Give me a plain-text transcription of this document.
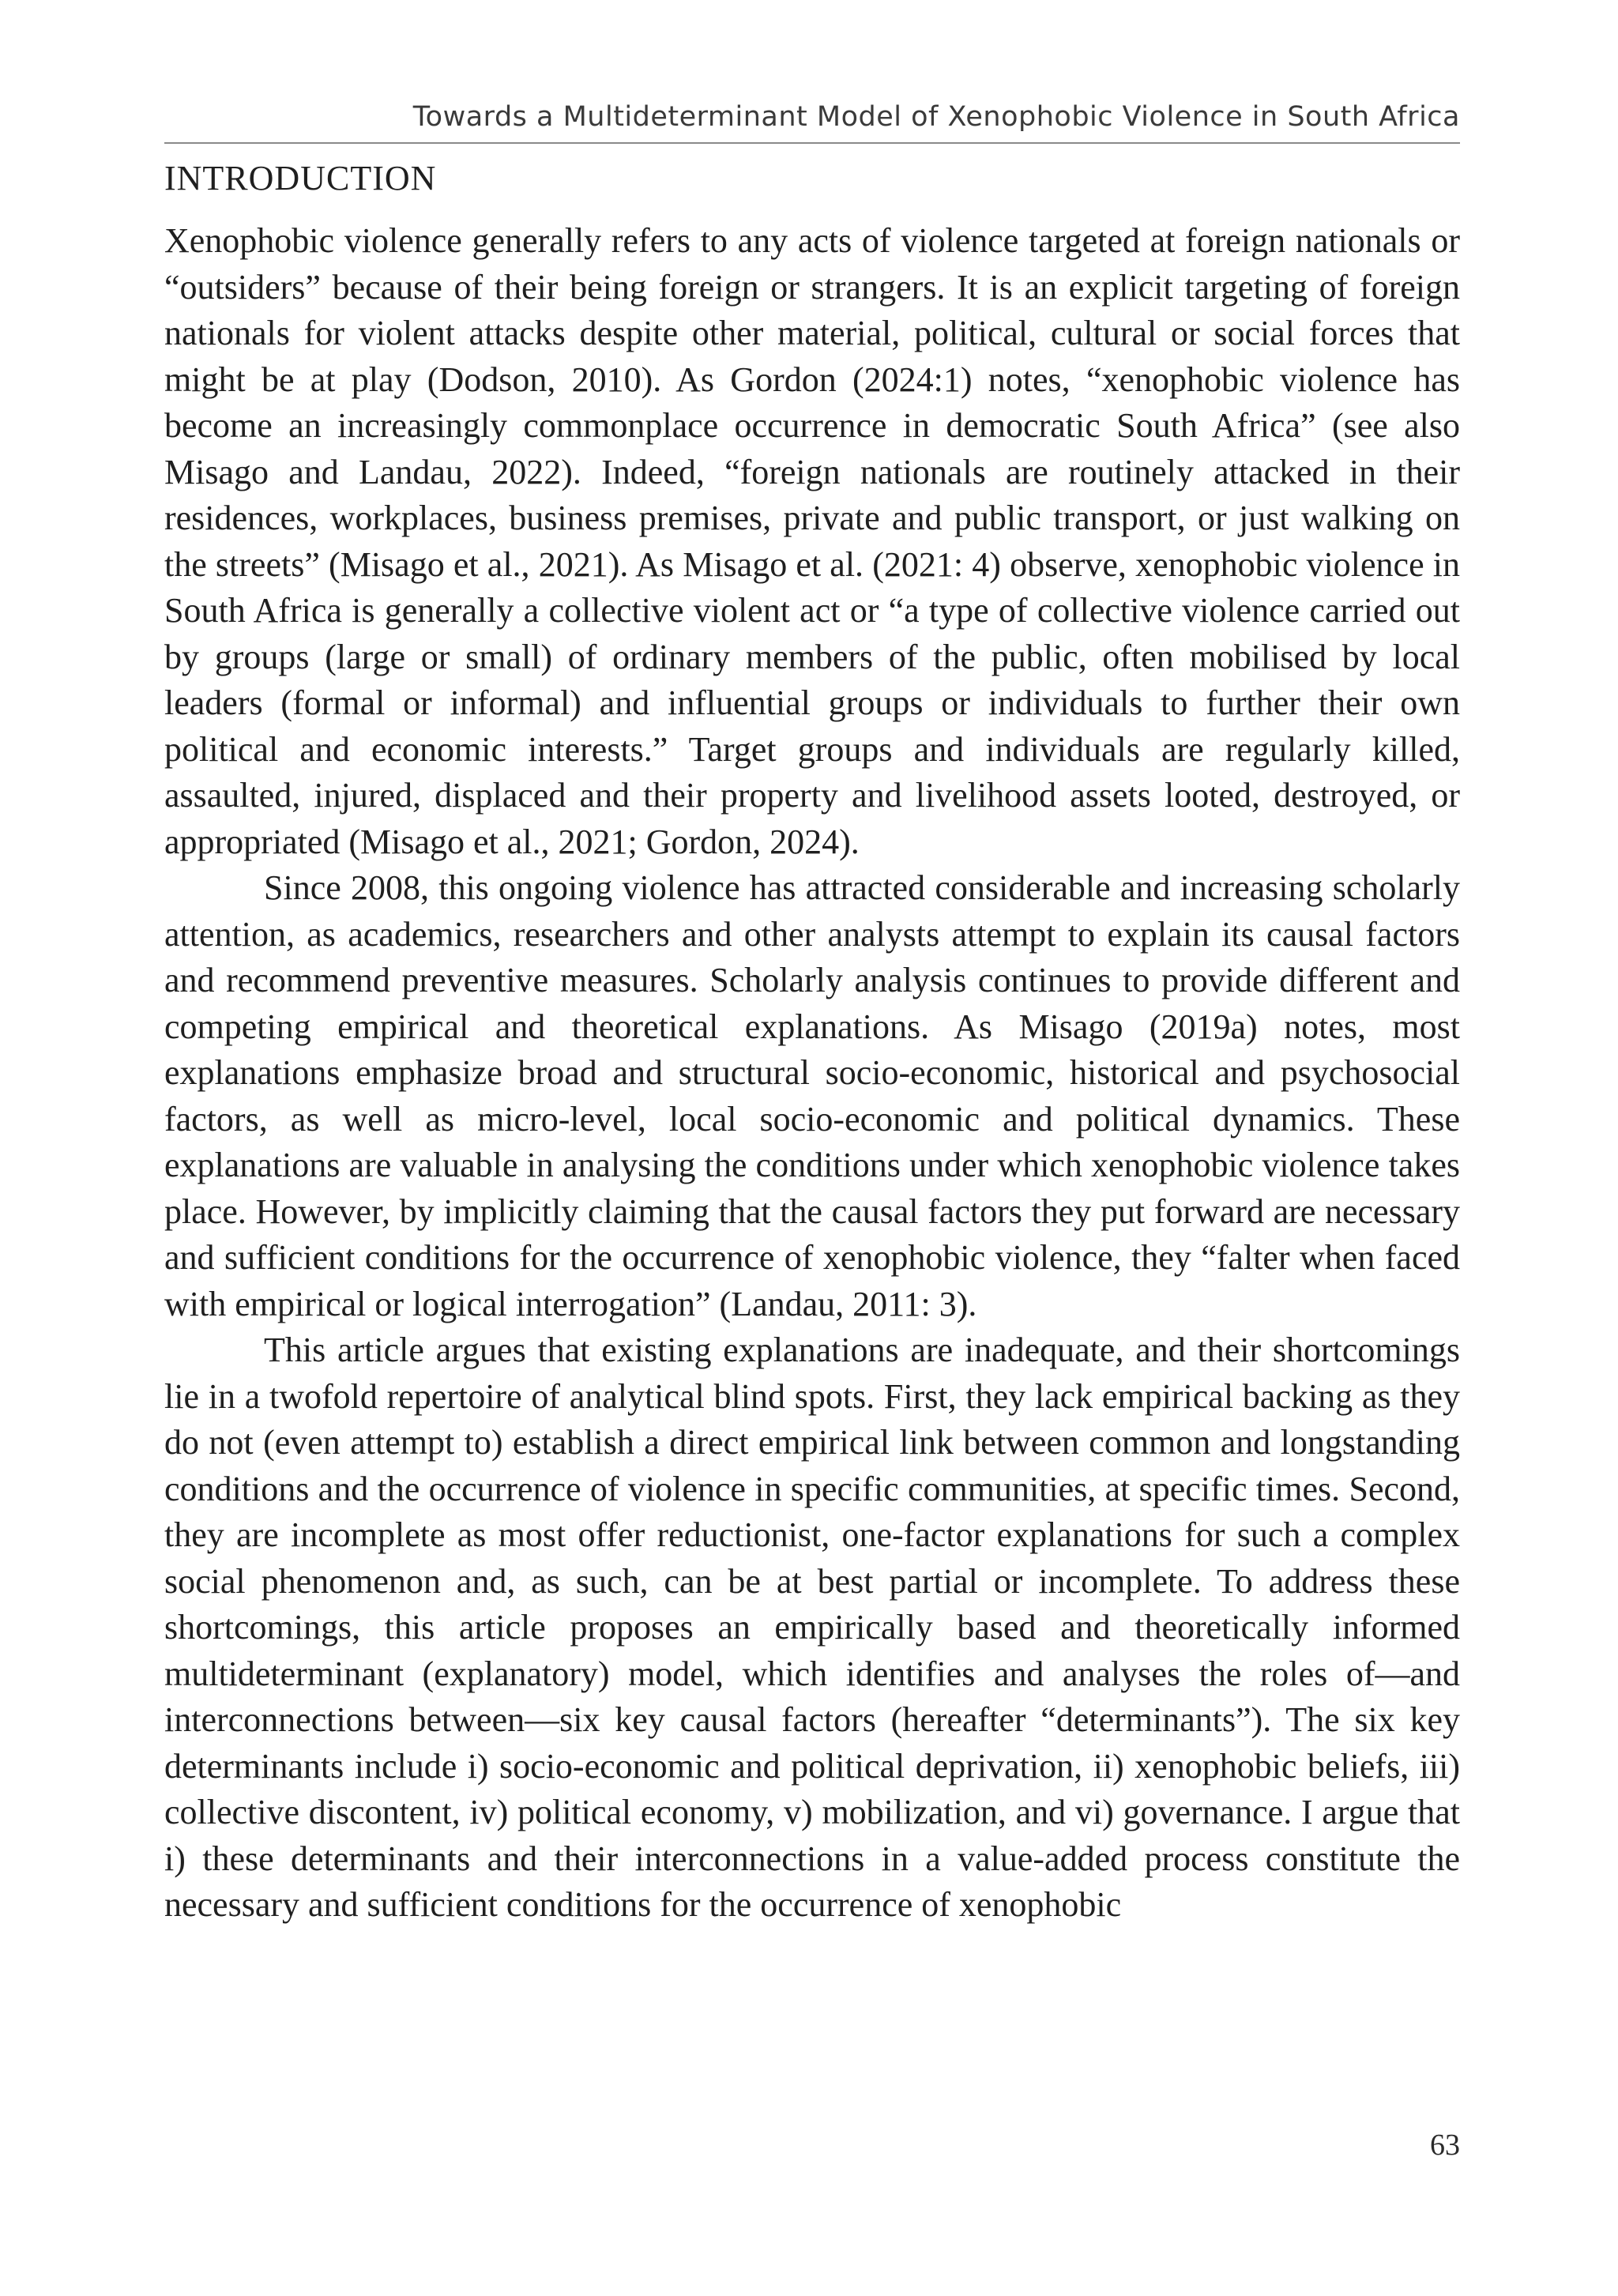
Towards a Multideterminant Model of Xenophobic Violence in South Africa
INTRODUCTION

Xenophobic violence generally refers to any acts of violence targeted at foreign nationals or “outsiders” because of their being foreign or strangers. It is an explicit targeting of foreign nationals for violent attacks despite other material, political, cultural or social forces that might be at play (Dodson, 2010). As Gordon (2024:1) notes, “xenophobic violence has become an increasingly commonplace occurrence in democratic South Africa” (see also Misago and Landau, 2022). Indeed, “foreign nationals are routinely attacked in their residences, workplaces, business premises, private and public transport, or just walking on the streets” (Misago et al., 2021). As Misago et al. (2021: 4) observe, xenophobic violence in South Africa is generally a collective violent act or “a type of collective violence carried out by groups (large or small) of ordinary members of the public, often mobilised by local leaders (formal or informal) and influential groups or individuals to further their own political and economic interests.” Target groups and individuals are regularly killed, assaulted, injured, displaced and their property and livelihood assets looted, destroyed, or appropriated (Misago et al., 2021; Gordon, 2024).

Since 2008, this ongoing violence has attracted considerable and increasing scholarly attention, as academics, researchers and other analysts attempt to explain its causal factors and recommend preventive measures. Scholarly analysis continues to provide different and competing empirical and theoretical explanations. As Misago (2019a) notes, most explanations emphasize broad and structural socio-economic, historical and psychosocial factors, as well as micro-level, local socio-economic and political dynamics. These explanations are valuable in analysing the conditions under which xenophobic violence takes place. However, by implicitly claiming that the causal factors they put forward are necessary and sufficient conditions for the occurrence of xenophobic violence, they “falter when faced with empirical or logical interrogation” (Landau, 2011: 3).

This article argues that existing explanations are inadequate, and their shortcomings lie in a twofold repertoire of analytical blind spots. First, they lack empirical backing as they do not (even attempt to) establish a direct empirical link between common and longstanding conditions and the occurrence of violence in specific communities, at specific times. Second, they are incomplete as most offer reductionist, one-factor explanations for such a complex social phenomenon and, as such, can be at best partial or incomplete. To address these shortcomings, this article proposes an empirically based and theoretically informed multideterminant (explanatory) model, which identifies and analyses the roles of—and interconnections between—six key causal factors (hereafter “determinants”). The six key determinants include i) socio-economic and political deprivation, ii) xenophobic beliefs, iii) collective discontent, iv) political economy, v) mobilization, and vi) governance. I argue that i) these determinants and their interconnections in a value-added process constitute the necessary and sufficient conditions for the occurrence of xenophobic

63
